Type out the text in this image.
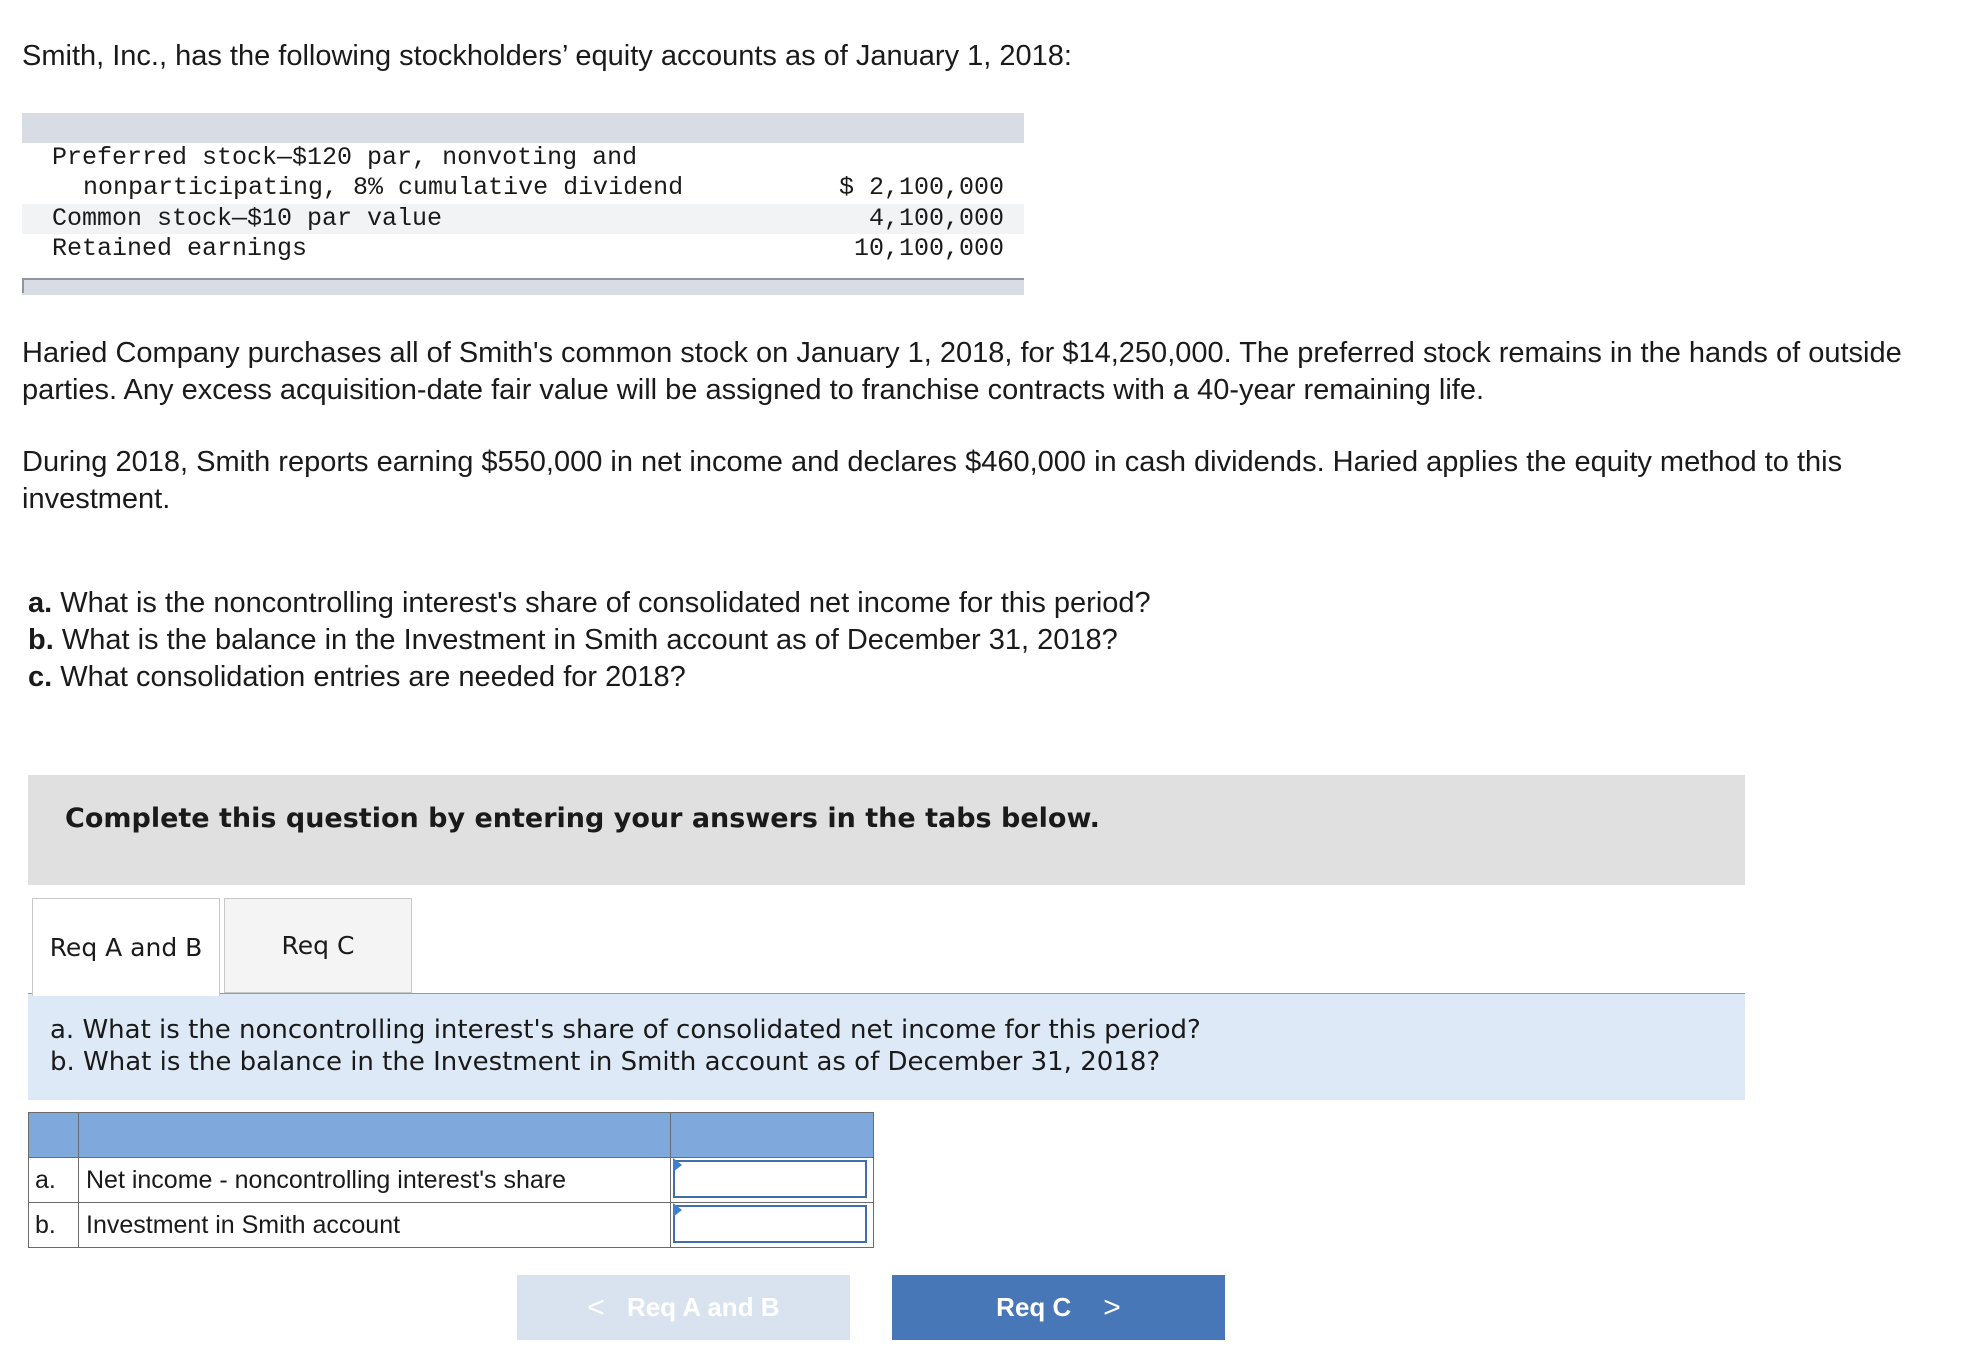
Smith, Inc., has the following stockholders’ equity accounts as of January 1, 2018:

Preferred stock—$120 par, nonvoting and
nonparticipating, 8% cumulative dividend	$ 2,100,000
Common stock—$10 par value	4,100,000
Retained earnings	10,100,000

Haried Company purchases all of Smith's common stock on January 1, 2018, for $14,250,000. The preferred stock remains in the hands of outside parties. Any excess acquisition-date fair value will be assigned to franchise contracts with a 40-year remaining life.

During 2018, Smith reports earning $550,000 in net income and declares $460,000 in cash dividends. Haried applies the equity method to this investment.

a. What is the noncontrolling interest's share of consolidated net income for this period?
b. What is the balance in the Investment in Smith account as of December 31, 2018?
c. What consolidation entries are needed for 2018?
Complete this question by entering your answers in the tabs below.
Req A and B	Req C
a. What is the noncontrolling interest's share of consolidated net income for this period?
b. What is the balance in the Investment in Smith account as of December 31, 2018?

a.	Net income - noncontrolling interest's share	

b.	Investment in Smith account	
< Req A and B	Req C >
